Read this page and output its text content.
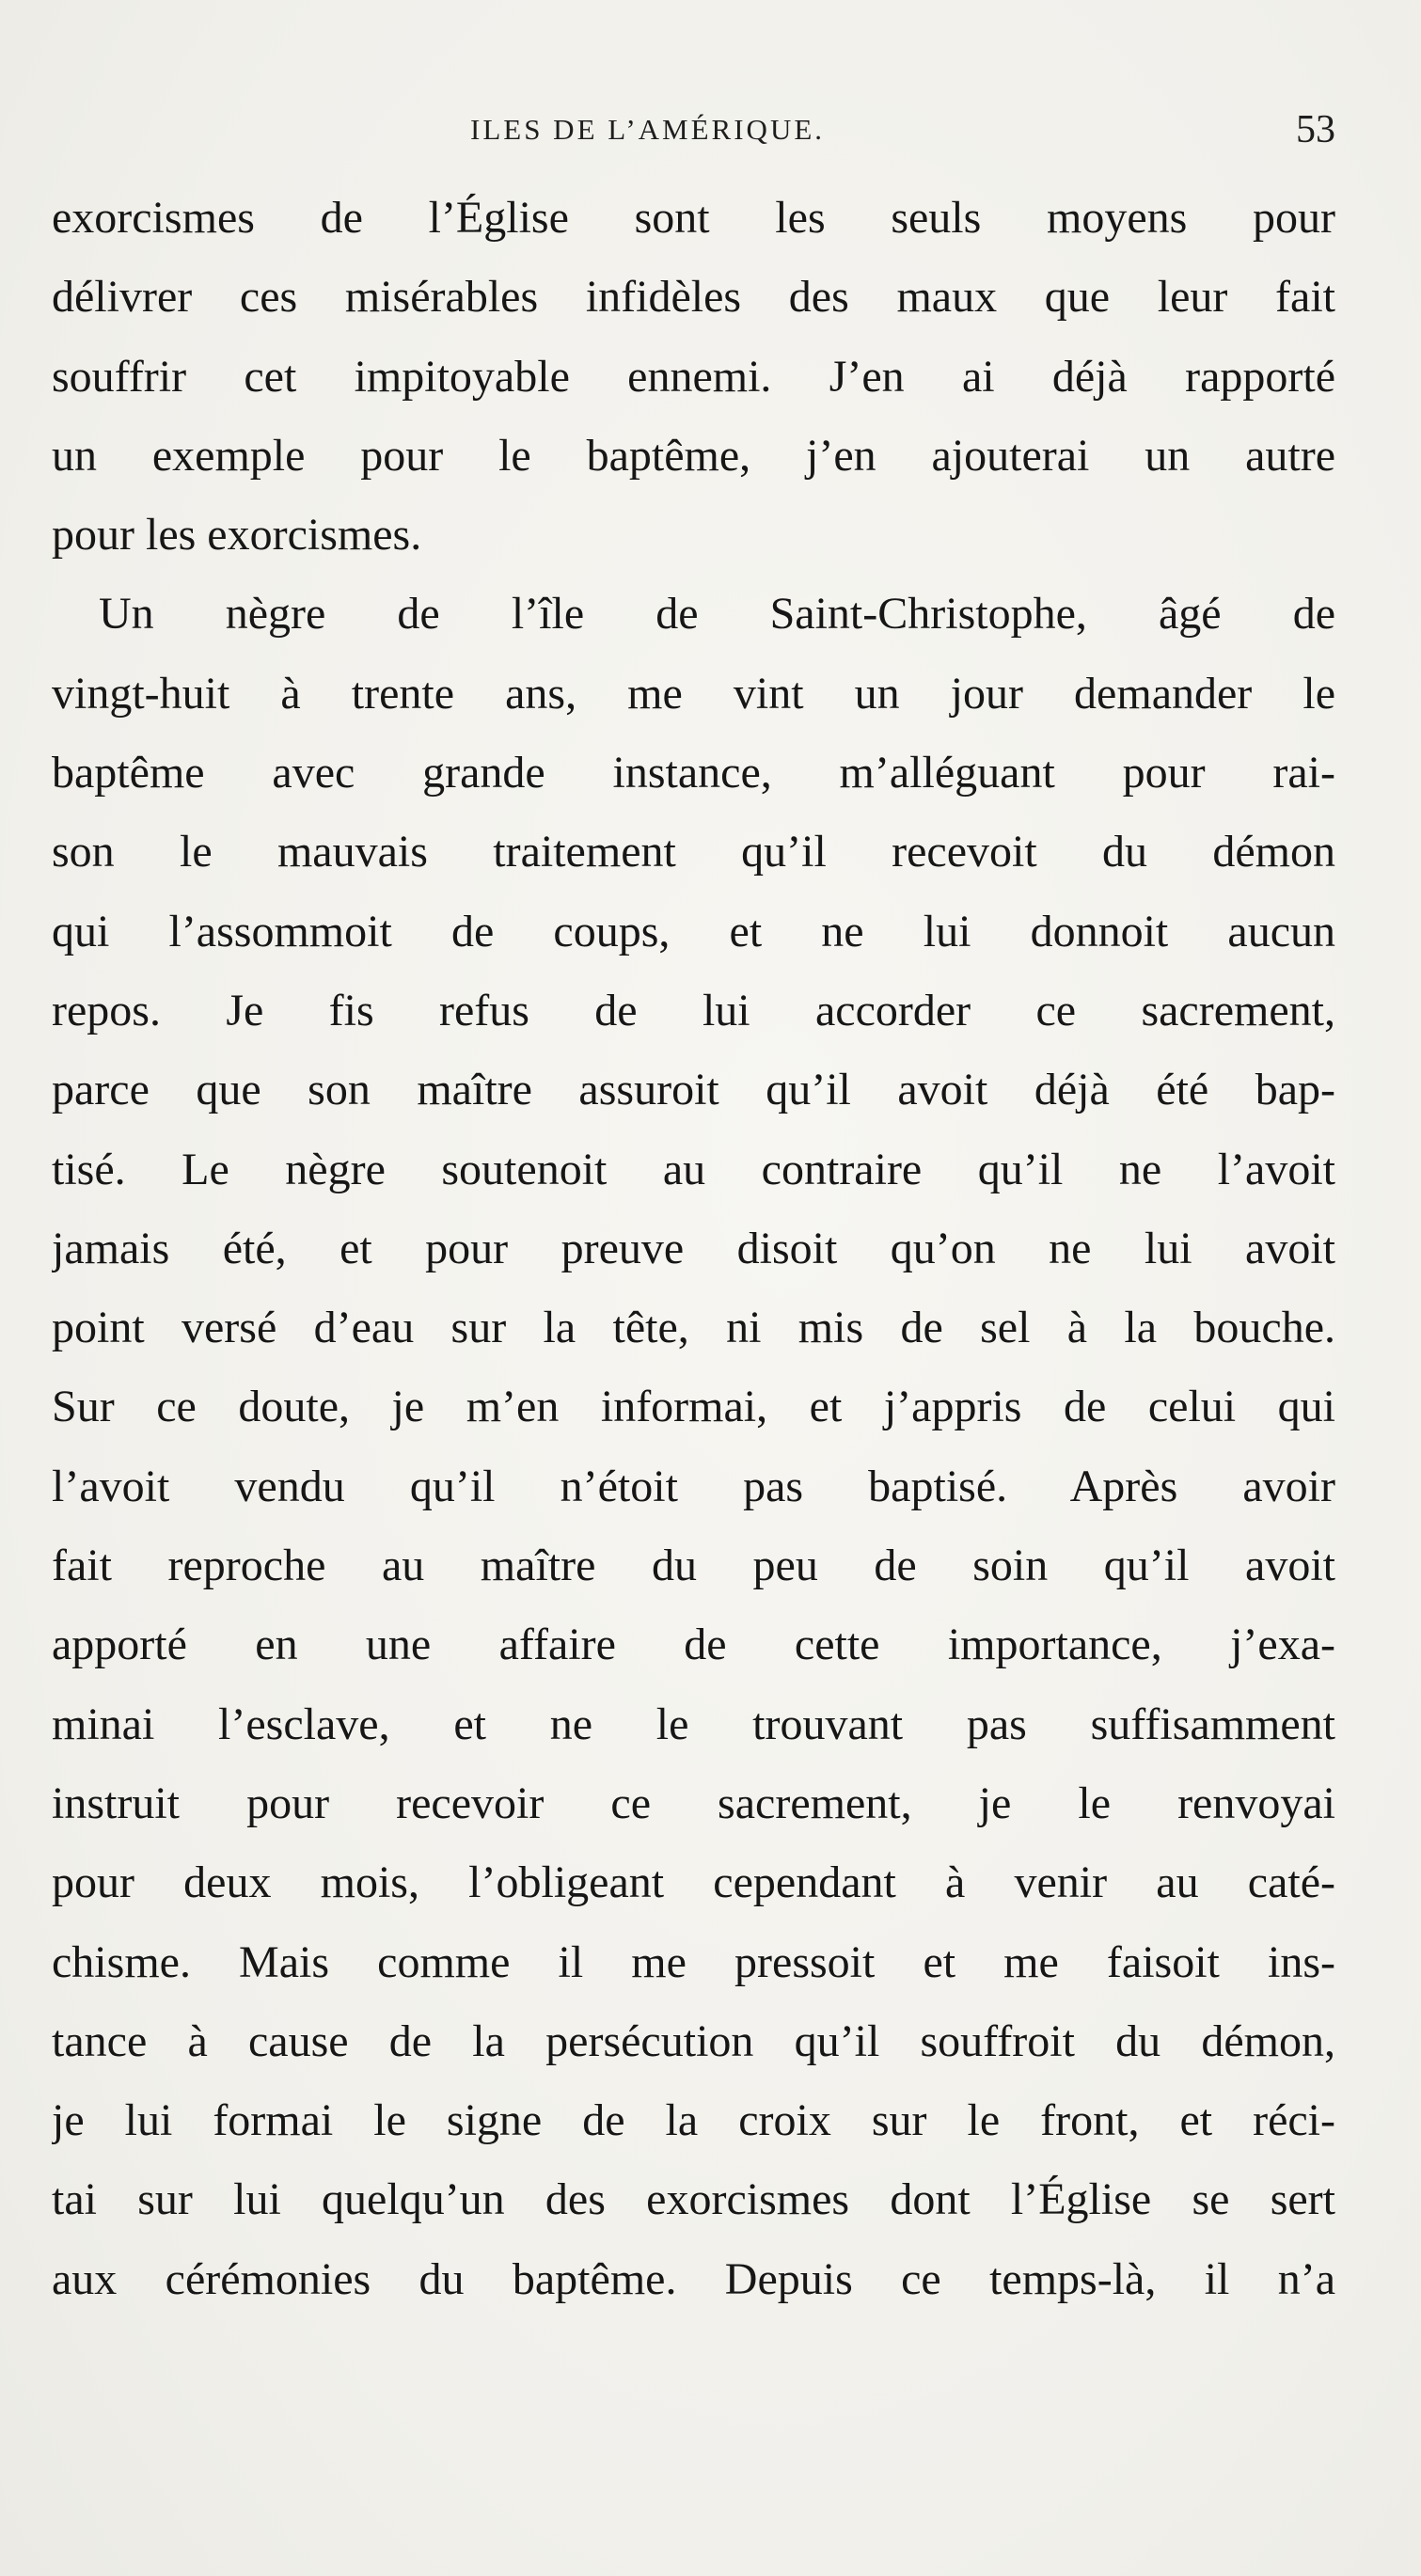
ILES DE L’AMÉRIQUE.	53
exorcismes de l’Église sont les seuls moyens pour
délivrer ces misérables infidèles des maux que leur fait
souffrir cet impitoyable ennemi. J’en ai déjà rapporté
un exemple pour le baptême, j’en ajouterai un autre
pour les exorcismes.
Un nègre de l’île de Saint-Christophe, âgé de
vingt-huit à trente ans, me vint un jour demander le
baptême avec grande instance, m’alléguant pour rai-
son le mauvais traitement qu’il recevoit du démon
qui l’assommoit de coups, et ne lui donnoit aucun
repos. Je fis refus de lui accorder ce sacrement,
parce que son maître assuroit qu’il avoit déjà été bap-
tisé. Le nègre soutenoit au contraire qu’il ne l’avoit
jamais été, et pour preuve disoit qu’on ne lui avoit
point versé d’eau sur la tête, ni mis de sel à la bouche.
Sur ce doute, je m’en informai, et j’appris de celui qui
l’avoit vendu qu’il n’étoit pas baptisé. Après avoir
fait reproche au maître du peu de soin qu’il avoit
apporté en une affaire de cette importance, j’exa-
minai l’esclave, et ne le trouvant pas suffisamment
instruit pour recevoir ce sacrement, je le renvoyai
pour deux mois, l’obligeant cependant à venir au caté-
chisme. Mais comme il me pressoit et me faisoit ins-
tance à cause de la persécution qu’il souffroit du démon,
je lui formai le signe de la croix sur le front, et réci-
tai sur lui quelqu’un des exorcismes dont l’Église se sert
aux cérémonies du baptême. Depuis ce temps-là, il n’a
